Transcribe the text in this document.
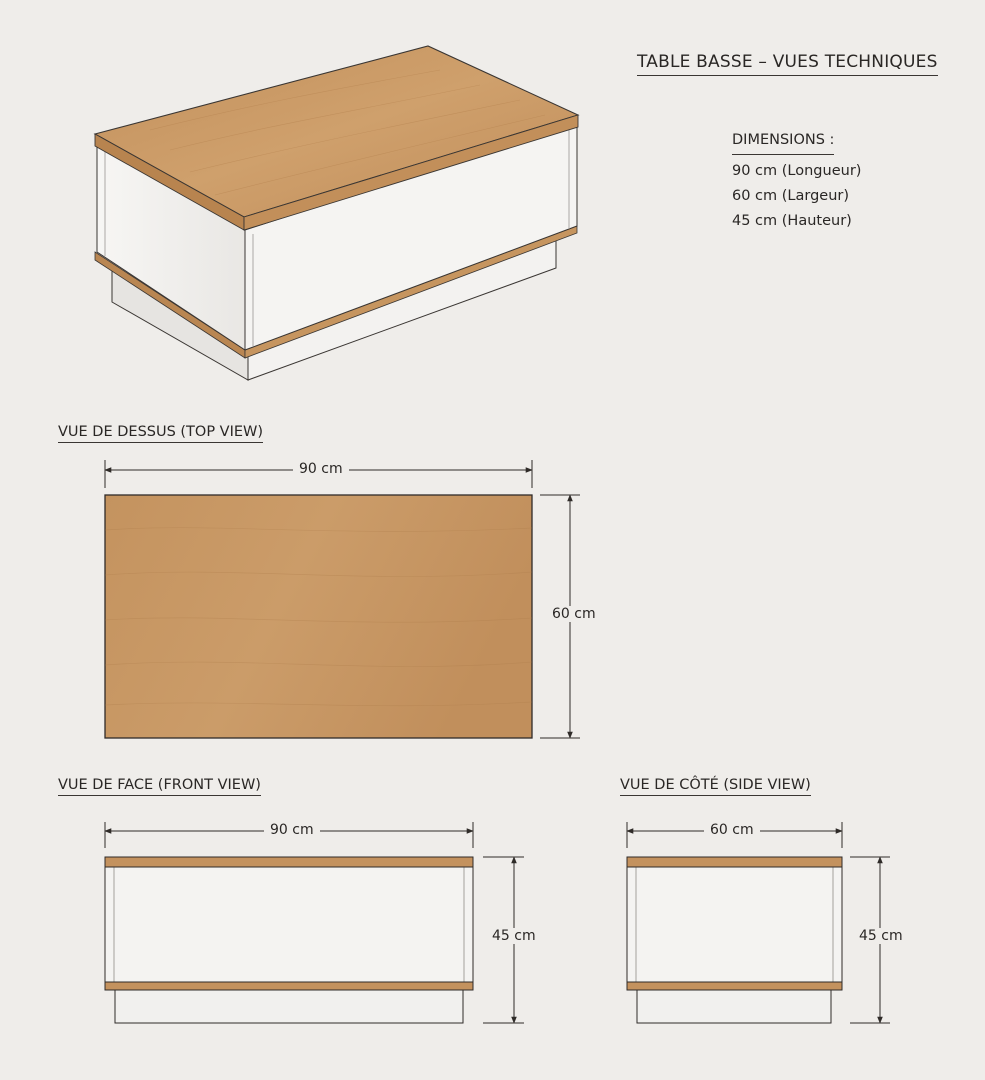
TABLE BASSE – VUES TECHNIQUES
DIMENSIONS :
90 cm (Longueur)
60 cm (Largeur)
45 cm (Hauteur)
VUE DE DESSUS (TOP VIEW)
VUE DE FACE (FRONT VIEW)	VUE DE CÔTÉ (SIDE VIEW)
90 cm
60 cm
90 cm
45 cm
60 cm
45 cm
